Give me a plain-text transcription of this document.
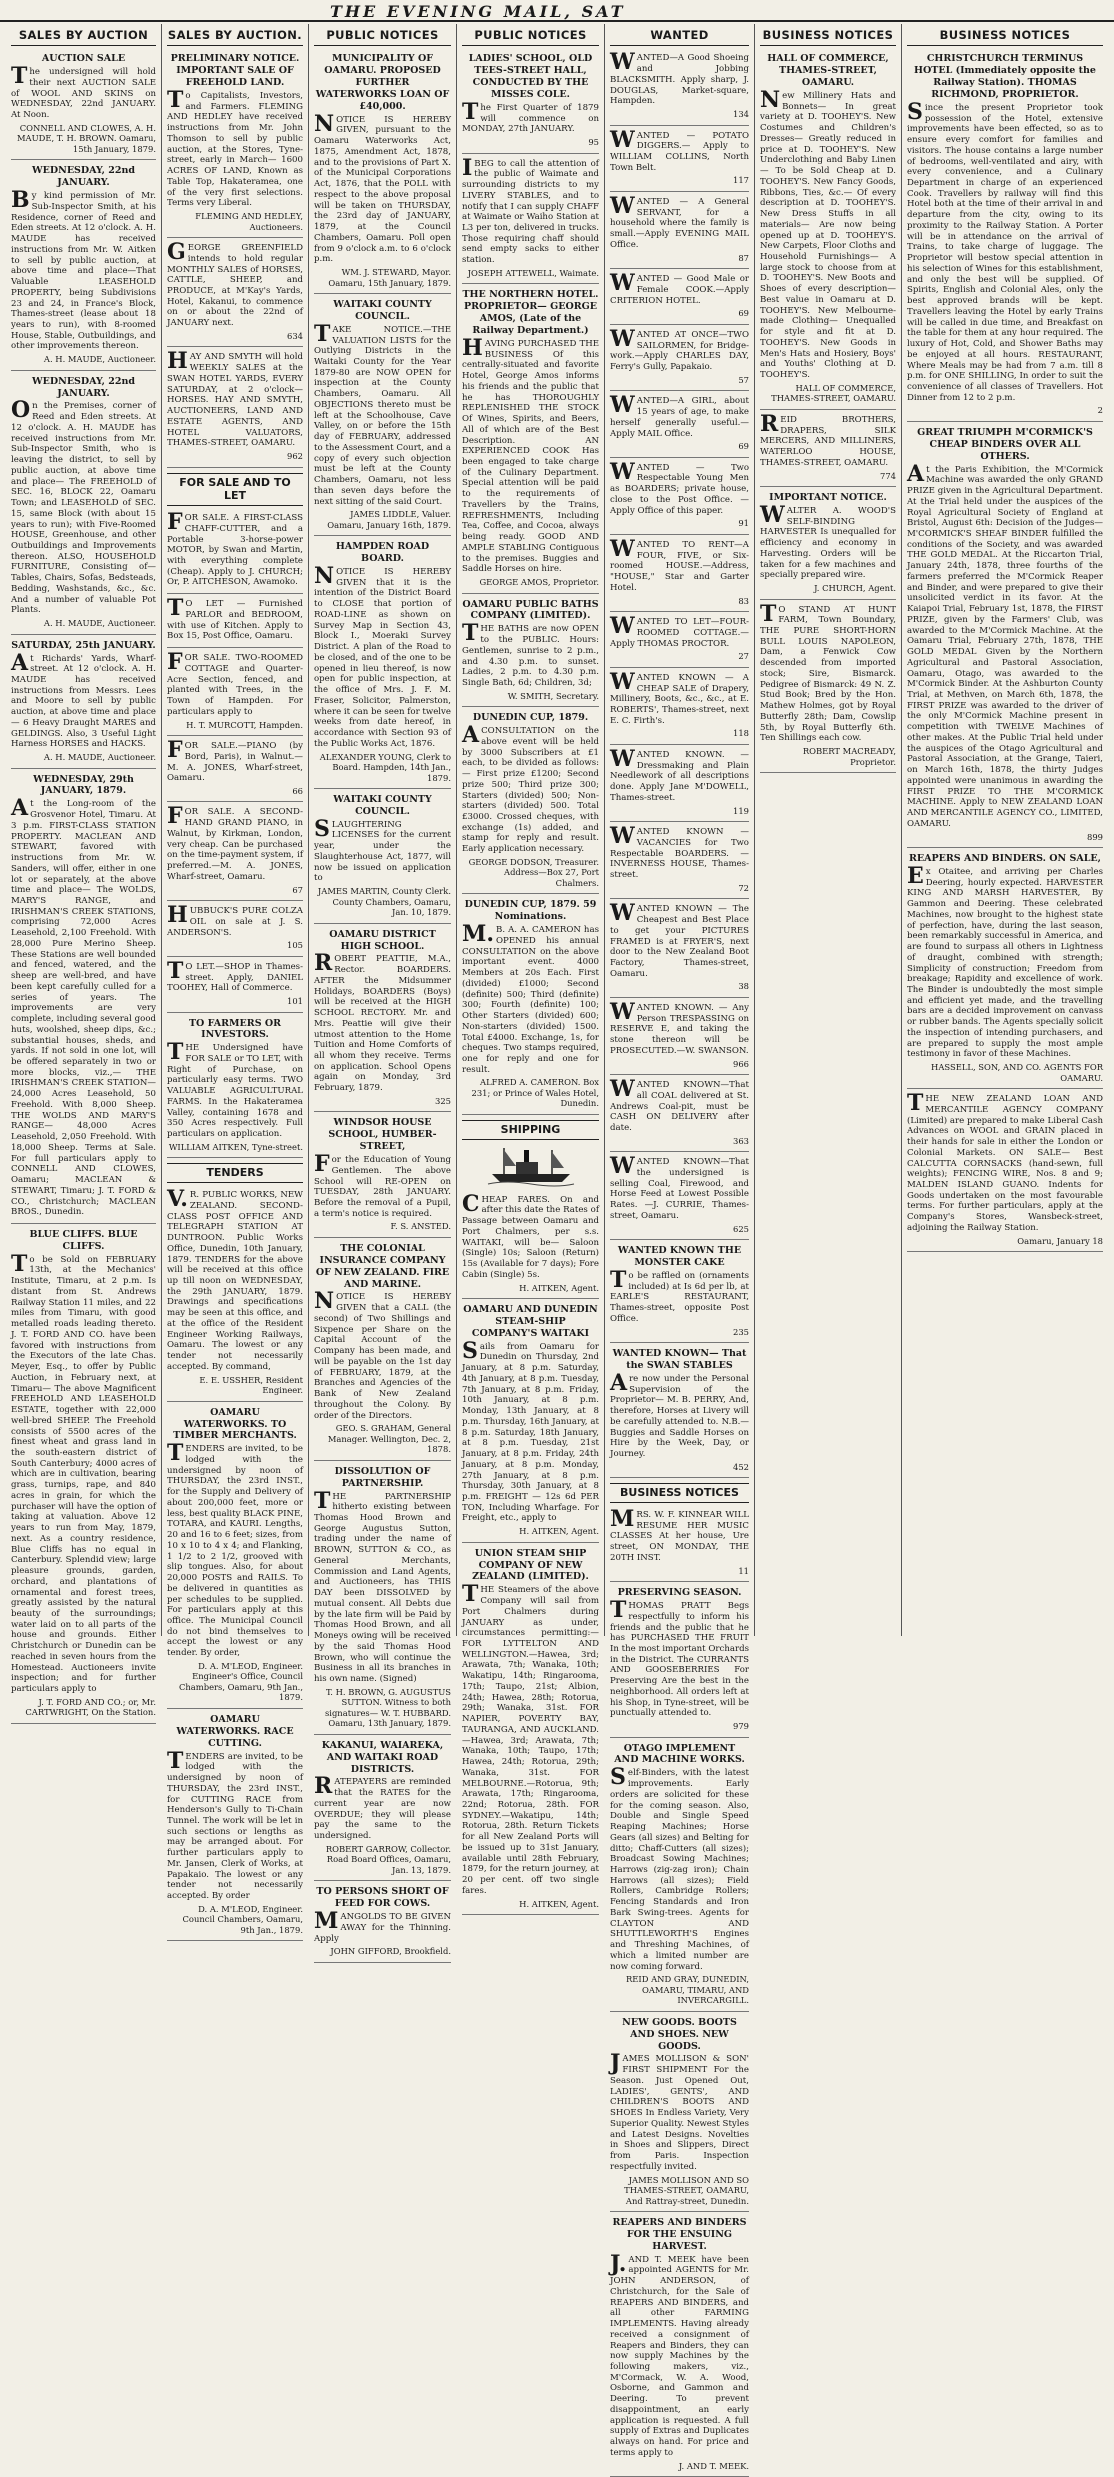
THE EVENING MAIL, SAT
SALES BY AUCTION
AUCTION SALE
The undersigned will hold their next AUCTION SALE of WOOL AND SKINS on WEDNESDAY, 22nd JANUARY. At Noon.
CONNELL AND CLOWES, A. H. MAUDE, T. H. BROWN. Oamaru, 15th January, 1879.
WEDNESDAY, 22nd JANUARY.
By kind permission of Mr. Sub-Inspector Smith, at his Residence, corner of Reed and Eden streets. At 12 o'clock. A. H. MAUDE has received instructions from Mr. W. Aitken to sell by public auction, at above time and place—That Valuable LEASEHOLD PROPERTY, being Subdivisions 23 and 24, in France's Block, Thames-street (lease about 18 years to run), with 8-roomed House, Stable, Outbuildings, and other improvements thereon.
A. H. MAUDE, Auctioneer.
WEDNESDAY, 22nd JANUARY.
On the Premises, corner of Reed and Eden streets. At 12 o'clock. A. H. MAUDE has received instructions from Mr. Sub-Inspector Smith, who is leaving the district, to sell by public auction, at above time and place— The FREEHOLD of SEC. 16, BLOCK 22, Oamaru Town; and LEASEHOLD of SEC. 15, same Block (with about 15 years to run); with Five-Roomed HOUSE, Greenhouse, and other Outbuildings and Improvements thereon. ALSO, HOUSEHOLD FURNITURE, Consisting of—Tables, Chairs, Sofas, Bedsteads, Bedding, Washstands, &c., &c. And a number of valuable Pot Plants.
A. H. MAUDE, Auctioneer.
SATURDAY, 25th JANUARY.
At Richards' Yards, Wharf-street. At 12 o'clock. A. H. MAUDE has received instructions from Messrs. Lees and Moore to sell by public auction, at above time and place— 6 Heavy Draught MARES and GELDINGS. Also, 3 Useful Light Harness HORSES and HACKS.
A. H. MAUDE, Auctioneer.
WEDNESDAY, 29th JANUARY, 1879.
At the Long-room of the Grosvenor Hotel, Timaru. At 3 p.m. FIRST-CLASS STATION PROPERTY. MACLEAN AND STEWART, favored with instructions from Mr. W. Sanders, will offer, either in one lot or separately, at the above time and place— The WOLDS, MARY'S RANGE, and IRISHMAN'S CREEK STATIONS, comprising 72,000 Acres Leasehold, 2,100 Freehold. With 28,000 Pure Merino Sheep. These Stations are well bounded and fenced, watered, and the sheep are well-bred, and have been kept carefully culled for a series of years. The improvements are very complete, including several good huts, woolshed, sheep dips, &c.; substantial houses, sheds, and yards. If not sold in one lot, will be offered separately in two or more blocks, viz.,— THE IRISHMAN'S CREEK STATION— 24,000 Acres Leasehold, 50 Freehold. With 8,000 Sheep. THE WOLDS AND MARY'S RANGE— 48,000 Acres Leasehold, 2,050 Freehold. With 18,000 Sheep. Terms at Sale. For full particulars apply to CONNELL AND CLOWES, Oamaru; MACLEAN & STEWART, Timaru; J. T. FORD & CO., Christchurch; MACLEAN BROS., Dunedin.
BLUE CLIFFS. BLUE CLIFFS.
To be Sold on FEBRUARY 13th, at the Mechanics' Institute, Timaru, at 2 p.m. Is distant from St. Andrews Railway Station 11 miles, and 22 miles from Timaru, with good metalled roads leading thereto. J. T. FORD AND CO. have been favored with instructions from the Executors of the late Chas. Meyer, Esq., to offer by Public Auction, in February next, at Timaru— The above Magnificent FREEHOLD AND LEASEHOLD ESTATE, together with 22,000 well-bred SHEEP. The Freehold consists of 5500 acres of the finest wheat and grass land in the south-eastern district of South Canterbury; 4000 acres of which are in cultivation, bearing grass, turnips, rape, and 840 acres in grain, for which the purchaser will have the option of taking at valuation. Above 12 years to run from May, 1879, next. As a country residence, Blue Cliffs has no equal in Canterbury. Splendid view; large pleasure grounds, garden, orchard, and plantations of ornamental and forest trees, greatly assisted by the natural beauty of the surroundings; water laid on to all parts of the house and grounds. Either Christchurch or Dunedin can be reached in seven hours from the Homestead. Auctioneers invite inspection; and for further particulars apply to
J. T. FORD AND CO.; or, Mr. CARTWRIGHT, On the Station.
SALES BY AUCTION.
PRELIMINARY NOTICE. IMPORTANT SALE OF FREEHOLD LAND.
To Capitalists, Investors, and Farmers. FLEMING AND HEDLEY have received instructions from Mr. John Thomson to sell by public auction, at the Stores, Tyne-street, early in March— 1600 ACRES OF LAND, Known as Table Top, Hakateramea, one of the very first selections. Terms very Liberal.
FLEMING AND HEDLEY, Auctioneers.
GEORGE GREENFIELD intends to hold regular MONTHLY SALES of HORSES, CATTLE, SHEEP, and PRODUCE, at M'Kay's Yards, Hotel, Kakanui, to commence on or about the 22nd of JANUARY next.
634
HAY AND SMYTH will hold WEEKLY SALES at the SWAN HOTEL YARDS, EVERY SATURDAY, at 2 o'clock— HORSES. HAY AND SMYTH, AUCTIONEERS, LAND AND ESTATE AGENTS, AND HOTEL VALUATORS, THAMES-STREET, OAMARU.
962
FOR SALE AND TO LET
FOR SALE. A FIRST-CLASS CHAFF-CUTTER, and a Portable 3-horse-power MOTOR, by Swan and Martin, with everything complete (Cheap). Apply to J. CHURCH; Or, P. AITCHESON, Awamoko.
TO LET — Furnished PARLOR and BEDROOM, with use of Kitchen. Apply to Box 15, Post Office, Oamaru.
FOR SALE. TWO-ROOMED COTTAGE and Quarter-Acre Section, fenced, and planted with Trees, in the Town of Hampden. For particulars apply to
H. T. MURCOTT, Hampden.
FOR SALE.—PIANO (by Bord, Paris), in Walnut.—M. A. JONES, Wharf-street, Oamaru.
66
FOR SALE. A SECOND-HAND GRAND PIANO, in Walnut, by Kirkman, London, very cheap. Can be purchased on the time-payment system, if preferred.—M. A. JONES, Wharf-street, Oamaru.
67
HUBBUCK'S PURE COLZA OIL on sale at J. S. ANDERSON'S.
105
TO LET.—SHOP in Thames-street. Apply, DANIEL TOOHEY, Hall of Commerce.
101
TO FARMERS OR INVESTORS.
THE Undersigned have FOR SALE or TO LET, with Right of Purchase, on particularly easy terms. TWO VALUABLE AGRICULTURAL FARMS. In the Hakateramea Valley, containing 1678 and 350 Acres respectively. Full particulars on application.
WILLIAM AITKEN, Tyne-street.
TENDERS
V.R. PUBLIC WORKS, NEW ZEALAND. SECOND-CLASS POST OFFICE AND TELEGRAPH STATION AT DUNTROON. Public Works Office, Dunedin, 10th January, 1879. TENDERS for the above will be received at this office up till noon on WEDNESDAY, the 29th JANUARY, 1879. Drawings and specifications may be seen at this office, and at the office of the Resident Engineer Working Railways, Oamaru. The lowest or any tender not necessarily accepted. By command,
E. E. USSHER, Resident Engineer.
OAMARU WATERWORKS. TO TIMBER MERCHANTS.
TENDERS are invited, to be lodged with the undersigned by noon of THURSDAY, the 23rd INST., for the Supply and Delivery of about 200,000 feet, more or less, best quality BLACK PINE, TOTARA, and KAURI. Lengths, 20 and 16 to 6 feet; sizes, from 10 x 10 to 4 x 4; and Flanking, 1 1/2 to 2 1/2, grooved with slip tongues. Also, for about 20,000 POSTS and RAILS. To be delivered in quantities as per schedules to be supplied. For particulars apply at this office. The Municipal Council do not bind themselves to accept the lowest or any tender. By order,
D. A. M'LEOD, Engineer. Engineer's Office, Council Chambers, Oamaru, 9th Jan., 1879.
OAMARU WATERWORKS. RACE CUTTING.
TENDERS are invited, to be lodged with the undersigned by noon of THURSDAY, the 23rd INST., for CUTTING RACE from Henderson's Gully to Ti-Chain Tunnel. The work will be let in such sections or lengths as may be arranged about. For further particulars apply to Mr. Jansen, Clerk of Works, at Papakaio. The lowest or any tender not necessarily accepted. By order
D. A. M'LEOD, Engineer. Council Chambers, Oamaru, 9th Jan., 1879.
PUBLIC NOTICES
MUNICIPALITY OF OAMARU. PROPOSED FURTHER WATERWORKS LOAN OF £40,000.
NOTICE IS HEREBY GIVEN, pursuant to the Oamaru Waterworks Act, 1875, Amendment Act, 1878, and to the provisions of Part X. of the Municipal Corporations Act, 1876, that the POLL with respect to the above proposal will be taken on THURSDAY, the 23rd day of JANUARY, 1879, at the Council Chambers, Oamaru. Poll open from 9 o'clock a.m. to 6 o'clock p.m.
WM. J. STEWARD, Mayor. Oamaru, 15th January, 1879.
WAITAKI COUNTY COUNCIL.
TAKE NOTICE.—THE VALUATION LISTS for the Outlying Districts in the Waitaki County for the Year 1879-80 are NOW OPEN for inspection at the County Chambers, Oamaru. All OBJECTIONS thereto must be left at the Schoolhouse, Cave Valley, on or before the 15th day of FEBRUARY, addressed to the Assessment Court, and a copy of every such objection must be left at the County Chambers, Oamaru, not less than seven days before the next sitting of the said Court.
JAMES LIDDLE, Valuer. Oamaru, January 16th, 1879.
HAMPDEN ROAD BOARD.
NOTICE IS HEREBY GIVEN that it is the intention of the District Board to CLOSE that portion of ROAD-LINE as shown on Survey Map in Section 43, Block I., Moeraki Survey District. A plan of the Road to be closed, and of the one to be opened in lieu thereof, is now open for public inspection, at the office of Mrs. J. F. M. Fraser, Solicitor, Palmerston, where it can be seen for twelve weeks from date hereof, in accordance with Section 93 of the Public Works Act, 1876.
ALEXANDER YOUNG, Clerk to Board. Hampden, 14th Jan., 1879.
WAITAKI COUNTY COUNCIL.
SLAUGHTERING LICENSES for the current year, under the Slaughterhouse Act, 1877, will now be issued on application to
JAMES MARTIN, County Clerk. County Chambers, Oamaru, Jan. 10, 1879.
OAMARU DISTRICT HIGH SCHOOL.
ROBERT PEATTIE, M.A., Rector. BOARDERS. AFTER the Midsummer Holidays, BOARDERS (Boys) will be received at the HIGH SCHOOL RECTORY. Mr. and Mrs. Peattie will give their utmost attention to the Home Tuition and Home Comforts of all whom they receive. Terms on application. School Opens again on Monday, 3rd February, 1879.
325
WINDSOR HOUSE SCHOOL, HUMBER-STREET,
For the Education of Young Gentlemen. The above School will RE-OPEN on TUESDAY, 28th JANUARY. Before the removal of a Pupil, a term's notice is required.
F. S. ANSTED.
THE COLONIAL INSURANCE COMPANY OF NEW ZEALAND. FIRE AND MARINE.
NOTICE IS HEREBY GIVEN that a CALL (the second) of Two Shillings and Sixpence per Share on the Capital Account of the Company has been made, and will be payable on the 1st day of FEBRUARY, 1879, at the Branches and Agencies of the Bank of New Zealand throughout the Colony. By order of the Directors.
GEO. S. GRAHAM, General Manager. Wellington, Dec. 2, 1878.
DISSOLUTION OF PARTNERSHIP.
THE PARTNERSHIP hitherto existing between Thomas Hood Brown and George Augustus Sutton, trading under the name of BROWN, SUTTON & CO., as General Merchants, Commission and Land Agents, and Auctioneers, has THIS DAY been DISSOLVED by mutual consent. All Debts due by the late firm will be Paid by Thomas Hood Brown, and all Moneys owing will be received by the said Thomas Hood Brown, who will continue the Business in all its branches in his own name. (Signed)
T. H. BROWN, G. AUGUSTUS SUTTON. Witness to both signatures— W. T. HUBBARD. Oamaru, 13th January, 1879.
KAKANUI, WAIAREKA, AND WAITAKI ROAD DISTRICTS.
RATEPAYERS are reminded that the RATES for the current year are now OVERDUE; they will please pay the same to the undersigned.
ROBERT GARROW, Collector. Road Board Offices, Oamaru, Jan. 13, 1879.
TO PERSONS SHORT OF FEED FOR COWS.
MANGOLDS TO BE GIVEN AWAY for the Thinning. Apply
JOHN GIFFORD, Brookfield.
PUBLIC NOTICES
LADIES' SCHOOL, OLD TEES-STREET HALL, CONDUCTED BY THE MISSES COLE.
The First Quarter of 1879 will commence on MONDAY, 27th JANUARY.
95
IBEG to call the attention of the public of Waimate and surrounding districts to my LIVERY STABLES, and to notify that I can supply CHAFF at Waimate or Waiho Station at L3 per ton, delivered in trucks. Those requiring chaff should send empty sacks to either station.
JOSEPH ATTEWELL, Waimate.
THE NORTHERN HOTEL. PROPRIETOR— GEORGE AMOS, (Late of the Railway Department.)
HAVING PURCHASED THE BUSINESS Of this centrally-situated and favorite Hotel, George Amos informs his friends and the public that he has THOROUGHLY REPLENISHED THE STOCK Of Wines, Spirits, and Beers, All of which are of the Best Description. AN EXPERIENCED COOK Has been engaged to take charge of the Culinary Department. Special attention will be paid to the requirements of Travellers by the Trains, REFRESHMENTS, Including Tea, Coffee, and Cocoa, always being ready. GOOD AND AMPLE STABLING Contiguous to the premises. Buggies and Saddle Horses on hire.
GEORGE AMOS, Proprietor.
OAMARU PUBLIC BATHS COMPANY (LIMITED).
THE BATHS are now OPEN to the PUBLIC. Hours: Gentlemen, sunrise to 2 p.m., and 4.30 p.m. to sunset. Ladies, 2 p.m. to 4.30 p.m. Single Bath, 6d; Children, 3d;
W. SMITH, Secretary.
DUNEDIN CUP, 1879.
ACONSULTATION on the above event will be held by 3000 Subscribers at £1 each, to be divided as follows:— First prize £1200; Second prize 500; Third prize 300; Starters (divided) 500; Non-starters (divided) 500. Total £3000. Crossed cheques, with exchange (1s) added, and stamp for reply and result. Early application necessary.
GEORGE DODSON, Treasurer. Address—Box 27, Port Chalmers.
DUNEDIN CUP, 1879. 59 Nominations.
M.B. A. A. CAMERON has OPENED his annual CONSULTATION on the above important event. 4000 Members at 20s Each. First (divided) £1000; Second (definite) 500; Third (definite) 300; Fourth (definite) 100; Other Starters (divided) 600; Non-starters (divided) 1500. Total £4000. Exchange, 1s, for cheques. Two stamps required, one for reply and one for result.
ALFRED A. CAMERON. Box 231; or Prince of Wales Hotel, Dunedin.
SHIPPING
CHEAP FARES. On and after this date the Rates of Passage between Oamaru and Port Chalmers, per s.s. WAITAKI, will be— Saloon (Single) 10s; Saloon (Return) 15s (Available for 7 days); Fore Cabin (Single) 5s.
H. AITKEN, Agent.
OAMARU AND DUNEDIN STEAM-SHIP COMPANY'S WAITAKI
Sails from Oamaru for Dunedin on Thursday, 2nd January, at 8 p.m. Saturday, 4th January, at 8 p.m. Tuesday, 7th January, at 8 p.m. Friday, 10th January, at 8 p.m. Monday, 13th January, at 8 p.m. Thursday, 16th January, at 8 p.m. Saturday, 18th January, at 8 p.m. Tuesday, 21st January, at 8 p.m. Friday, 24th January, at 8 p.m. Monday, 27th January, at 8 p.m. Thursday, 30th January, at 8 p.m. FREIGHT — 12s 6d PER TON, Including Wharfage. For Freight, etc., apply to
H. AITKEN, Agent.
UNION STEAM SHIP COMPANY OF NEW ZEALAND (LIMITED).
THE Steamers of the above Company will sail from Port Chalmers during JANUARY as under, circumstances permitting:— FOR LYTTELTON AND WELLINGTON.—Hawea, 3rd; Arawata, 7th; Wanaka, 10th; Wakatipu, 14th; Ringarooma, 17th; Taupo, 21st; Albion, 24th; Hawea, 28th; Rotorua, 29th; Wanaka, 31st. FOR NAPIER, POVERTY BAY, TAURANGA, AND AUCKLAND.—Hawea, 3rd; Arawata, 7th; Wanaka, 10th; Taupo, 17th; Hawea, 24th; Rotorua, 29th; Wanaka, 31st. FOR MELBOURNE.—Rotorua, 9th; Arawata, 17th; Ringarooma, 22nd; Rotorua, 28th. FOR SYDNEY.—Wakatipu, 14th; Rotorua, 28th. Return Tickets for all New Zealand Ports will be issued up to 31st January, available until 28th February, 1879, for the return journey, at 20 per cent. off two single fares.
H. AITKEN, Agent.
WANTED
WANTED—A Good Shoeing and Jobbing BLACKSMITH. Apply sharp, J. DOUGLAS, Market-square, Hampden.
134
WANTED — POTATO DIGGERS.— Apply to WILLIAM COLLINS, North Town Belt.
117
WANTED — A General SERVANT, for a household where the family is small.—Apply EVENING MAIL Office.
87
WANTED — Good Male or Female COOK.—Apply CRITERION HOTEL.
69
WANTED AT ONCE—TWO SAILORMEN, for Bridge-work.—Apply CHARLES DAY, Ferry's Gully, Papakaio.
57
WANTED—A GIRL, about 15 years of age, to make herself generally useful.—Apply MAIL Office.
69
WANTED — Two Respectable Young Men as BOARDERS; private house, close to the Post Office. — Apply Office of this paper.
91
WANTED TO RENT—A FOUR, FIVE, or Six-roomed HOUSE.—Address, "HOUSE," Star and Garter Hotel.
83
WANTED TO LET—FOUR-ROOMED COTTAGE.—Apply THOMAS PROCTOR.
27
WANTED KNOWN — A CHEAP SALE of Drapery, Millinery, Boots, &c., &c., at E. ROBERTS', Thames-street, next E. C. Firth's.
118
WANTED KNOWN. — Dressmaking and Plain Needlework of all descriptions done. Apply Jane M'DOWELL, Thames-street.
119
WANTED KNOWN — VACANCIES for Two Respectable BOARDERS. —INVERNESS HOUSE, Thames-street.
72
WANTED KNOWN — The Cheapest and Best Place to get your PICTURES FRAMED is at FRYER'S, next door to the New Zealand Boot Factory, Thames-street, Oamaru.
38
WANTED KNOWN. — Any Person TRESPASSING on RESERVE E, and taking the stone thereon will be PROSECUTED.—W. SWANSON.
966
WANTED KNOWN—That all COAL delivered at St. Andrews Coal-pit, must be CASH ON DELIVERY after date.
363
WANTED KNOWN—That the undersigned is selling Coal, Firewood, and Horse Feed at Lowest Possible Rates. —J. CURRIE, Thames-street, Oamaru.
625
WANTED KNOWN THE MONSTER CAKE
To be raffled on (ornaments included) at Is 6d per lb, at EARLE'S RESTAURANT, Thames-street, opposite Post Office.
235
WANTED KNOWN— That the SWAN STABLES
Are now under the Personal Supervision of the Proprietor— M. B. PERRY, And, therefore, Horses at Livery will be carefully attended to. N.B.—Buggies and Saddle Horses on Hire by the Week, Day, or Journey.
452
BUSINESS NOTICES
MRS. W. F. KINNEAR WILL RESUME HER MUSIC CLASSES At her house, Ure street, ON MONDAY, THE 20TH INST.
11
PRESERVING SEASON.
THOMAS PRATT Begs respectfully to inform his friends and the public that he has PURCHASED THE FRUIT In the most important Orchards in the District. The CURRANTS AND GOOSEBERRIES For Preserving Are the best in the neighborhood. All orders left at his Shop, in Tyne-street, will be punctually attended to.
979
OTAGO IMPLEMENT AND MACHINE WORKS.
Self-Binders, with the latest improvements. Early orders are solicited for these for the coming season. Also, Double and Single Speed Reaping Machines; Horse Gears (all sizes) and Belting for ditto; Chaff-Cutters (all sizes); Broadcast Sowing Machines; Harrows (zig-zag iron); Chain Harrows (all sizes); Field Rollers, Cambridge Rollers; Fencing Standards and Iron Bark Swing-trees. Agents for CLAYTON AND SHUTTLEWORTH'S Engines and Threshing Machines, of which a limited number are now coming forward.
REID AND GRAY, DUNEDIN, OAMARU, TIMARU, AND INVERCARGILL.
NEW GOODS. BOOTS AND SHOES. NEW GOODS.
JAMES MOLLISON & SON' FIRST SHIPMENT For the Season. Just Opened Out, LADIES', GENTS', AND CHILDREN'S BOOTS AND SHOES In Endless Variety, Very Superior Quality. Newest Styles and Latest Designs. Novelties in Shoes and Slippers, Direct from Paris. Inspection respectfully invited.
JAMES MOLLISON AND SO THAMES-STREET, OAMARU, And Rattray-street, Dunedin.
REAPERS AND BINDERS FOR THE ENSUING HARVEST.
J.AND T. MEEK have been appointed AGENTS for Mr. JOHN ANDERSON, of Christchurch, for the Sale of REAPERS AND BINDERS, and all other FARMING IMPLEMENTS. Having already received a consignment of Reapers and Binders, they can now supply Machines by the following makers, viz., M'Cormack, W. A. Wood, Osborne, and Gammon and Deering. To prevent disappointment, an early application is requested. A full supply of Extras and Duplicates always on hand. For price and terms apply to
J. AND T. MEEK.
BUSINESS NOTICES
HALL OF COMMERCE, THAMES-STREET, OAMARU.
New Millinery Hats and Bonnets— In great variety at D. TOOHEY'S. New Costumes and Children's Dresses— Greatly reduced in price at D. TOOHEY'S. New Underclothing and Baby Linen— To be Sold Cheap at D. TOOHEY'S. New Fancy Goods, Ribbons, Ties, &c.— Of every description at D. TOOHEY'S. New Dress Stuffs in all materials— Are now being opened up at D. TOOHEY'S. New Carpets, Floor Cloths and Household Furnishings— A large stock to choose from at D. TOOHEY'S. New Boots and Shoes of every description— Best value in Oamaru at D. TOOHEY'S. New Melbourne-made Clothing— Unequalled for style and fit at D. TOOHEY'S. New Goods in Men's Hats and Hosiery, Boys' and Youths' Clothing at D. TOOHEY'S.
HALL OF COMMERCE, THAMES-STREET, OAMARU.
REID BROTHERS, DRAPERS, SILK MERCERS, AND MILLINERS, WATERLOO HOUSE, THAMES-STREET, OAMARU.
774
IMPORTANT NOTICE.
WALTER A. WOOD'S SELF-BINDING HARVESTER Is unequalled for efficiency and economy in Harvesting. Orders will be taken for a few machines and specially prepared wire.
J. CHURCH, Agent.
TO STAND AT HUNT FARM, Town Boundary, THE PURE SHORT-HORN BULL LOUIS NAPOLEON, Dam, a Fenwick Cow descended from imported stock; Sire, Bismarck. Pedigree of Bismarck: 49 N. Z. Stud Book; Bred by the Hon. Mathew Holmes, got by Royal Butterfly 28th; Dam, Cowslip 5th, by Royal Butterfly 6th. Ten Shillings each cow.
ROBERT MACREADY, Proprietor.
BUSINESS NOTICES
CHRISTCHURCH TERMINUS HOTEL (Immediately opposite the Railway Station). THOMAS RICHMOND, PROPRIETOR.
Since the present Proprietor took possession of the Hotel, extensive improvements have been effected, so as to ensure every comfort for families and visitors. The house contains a large number of bedrooms, well-ventilated and airy, with every convenience, and a Culinary Department in charge of an experienced Cook. Travellers by railway will find this Hotel both at the time of their arrival in and departure from the city, owing to its proximity to the Railway Station. A Porter will be in attendance on the arrival of Trains, to take charge of luggage. The Proprietor will bestow special attention in his selection of Wines for this establishment, and only the best will be supplied. Of Spirits, English and Colonial Ales, only the best approved brands will be kept. Travellers leaving the Hotel by early Trains will be called in due time, and Breakfast on the table for them at any hour required. The luxury of Hot, Cold, and Shower Baths may be enjoyed at all hours. RESTAURANT, Where Meals may be had from 7 a.m. till 8 p.m. for ONE SHILLING, In order to suit the convenience of all classes of Travellers. Hot Dinner from 12 to 2 p.m.
2
GREAT TRIUMPH M'CORMICK'S CHEAP BINDERS OVER ALL OTHERS.
At the Paris Exhibition, the M'Cormick Machine was awarded the only GRAND PRIZE given in the Agricultural Department. At the Trial held under the auspices of the Royal Agricultural Society of England at Bristol, August 6th: Decision of the Judges—M'CORMICK'S SHEAF BINDER fulfilled the conditions of the Society, and was awarded THE GOLD MEDAL. At the Riccarton Trial, January 24th, 1878, three fourths of the farmers preferred the M'Cormick Reaper and Binder, and were prepared to give their unsolicited verdict in its favor. At the Kaiapoi Trial, February 1st, 1878, the FIRST PRIZE, given by the Farmers' Club, was awarded to the M'Cormick Machine. At the Oamaru Trial, February 27th, 1878, THE GOLD MEDAL Given by the Northern Agricultural and Pastoral Association, Oamaru, Otago, was awarded to the M'Cormick Binder. At the Ashburton County Trial, at Methven, on March 6th, 1878, the FIRST PRIZE was awarded to the driver of the only M'Cormick Machine present in competition with TWELVE Machines of other makes. At the Public Trial held under the auspices of the Otago Agricultural and Pastoral Association, at the Grange, Taieri, on March 16th, 1878, the thirty Judges appointed were unanimous in awarding the FIRST PRIZE TO THE M'CORMICK MACHINE. Apply to NEW ZEALAND LOAN AND MERCANTILE AGENCY CO., LIMITED, OAMARU.
899
REAPERS AND BINDERS. ON SALE,
Ex Otaitee, and arriving per Charles Deering, hourly expected. HARVESTER KING AND MARSH HARVESTER, By Gammon and Deering. These celebrated Machines, now brought to the highest state of perfection, have, during the last season, been remarkably successful in America, and are found to surpass all others in Lightness of draught, combined with strength; Simplicity of construction; Freedom from breakage; Rapidity and excellence of work. The Binder is undoubtedly the most simple and efficient yet made, and the travelling bars are a decided improvement on canvass or rubber bands. The Agents specially solicit the inspection of intending purchasers, and are prepared to supply the most ample testimony in favor of these Machines.
HASSELL, SON, AND CO. AGENTS FOR OAMARU.
THE NEW ZEALAND LOAN AND MERCANTILE AGENCY COMPANY (Limited) are prepared to make Liberal Cash Advances on WOOL and GRAIN placed in their hands for sale in either the London or Colonial Markets. ON SALE— Best CALCUTTA CORNSACKS (hand-sewn, full weights); FENCING WIRE, Nos. 8 and 9; MALDEN ISLAND GUANO. Indents for Goods undertaken on the most favourable terms. For further particulars, apply at the Company's Stores, Wansbeck-street, adjoining the Railway Station.
Oamaru, January 18
